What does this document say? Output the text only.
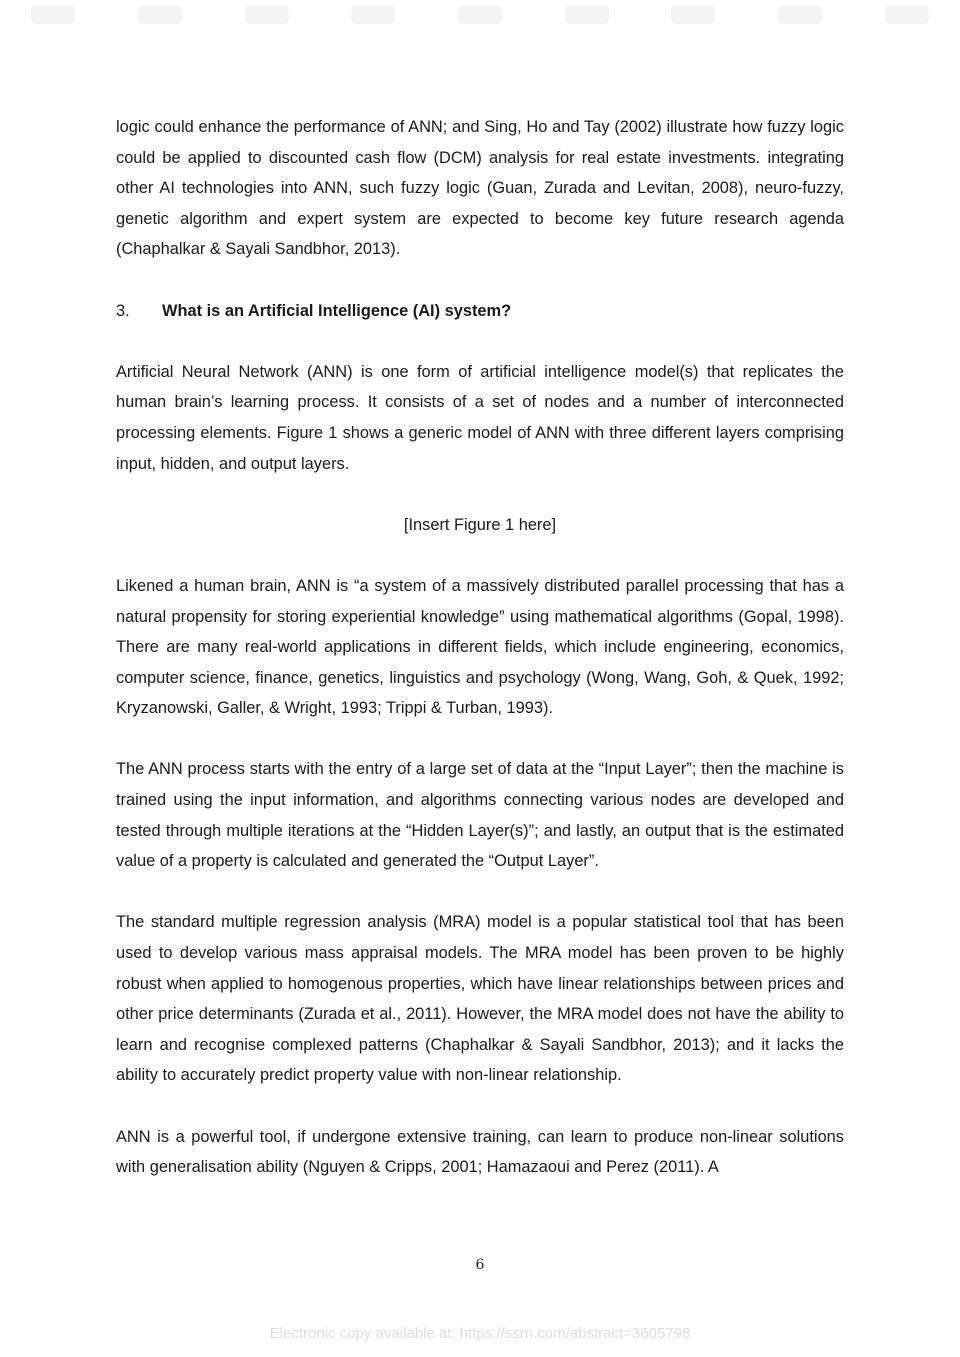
logic could enhance the performance of ANN; and Sing, Ho and Tay (2002) illustrate how fuzzy logic could be applied to discounted cash flow (DCM) analysis for real estate investments. integrating other AI technologies into ANN, such fuzzy logic (Guan, Zurada and Levitan, 2008), neuro-fuzzy, genetic algorithm and expert system are expected to become key future research agenda (Chaphalkar & Sayali Sandbhor, 2013).

3.	What is an Artificial Intelligence (AI) system?

Artificial Neural Network (ANN) is one form of artificial intelligence model(s) that replicates the human brain’s learning process. It consists of a set of nodes and a number of interconnected processing elements. Figure 1 shows a generic model of ANN with three different layers comprising input, hidden, and output layers.

[Insert Figure 1 here]

Likened a human brain, ANN is “a system of a massively distributed parallel processing that has a natural propensity for storing experiential knowledge” using mathematical algorithms (Gopal, 1998). There are many real-world applications in different fields, which include engineering, economics, computer science, finance, genetics, linguistics and psychology (Wong, Wang, Goh, & Quek, 1992; Kryzanowski, Galler, & Wright, 1993; Trippi & Turban, 1993).

The ANN process starts with the entry of a large set of data at the “Input Layer”; then the machine is trained using the input information, and algorithms connecting various nodes are developed and tested through multiple iterations at the “Hidden Layer(s)”; and lastly, an output that is the estimated value of a property is calculated and generated the “Output Layer”.

The standard multiple regression analysis (MRA) model is a popular statistical tool that has been used to develop various mass appraisal models. The MRA model has been proven to be highly robust when applied to homogenous properties, which have linear relationships between prices and other price determinants (Zurada et al., 2011). However, the MRA model does not have the ability to learn and recognise complexed patterns (Chaphalkar & Sayali Sandbhor, 2013); and it lacks the ability to accurately predict property value with non-linear relationship.

ANN is a powerful tool, if undergone extensive training, can learn to produce non-linear solutions with generalisation ability (Nguyen & Cripps, 2001; Hamazaoui and Perez (2011). A

6
Electronic copy available at: https://ssrn.com/abstract=3605798
